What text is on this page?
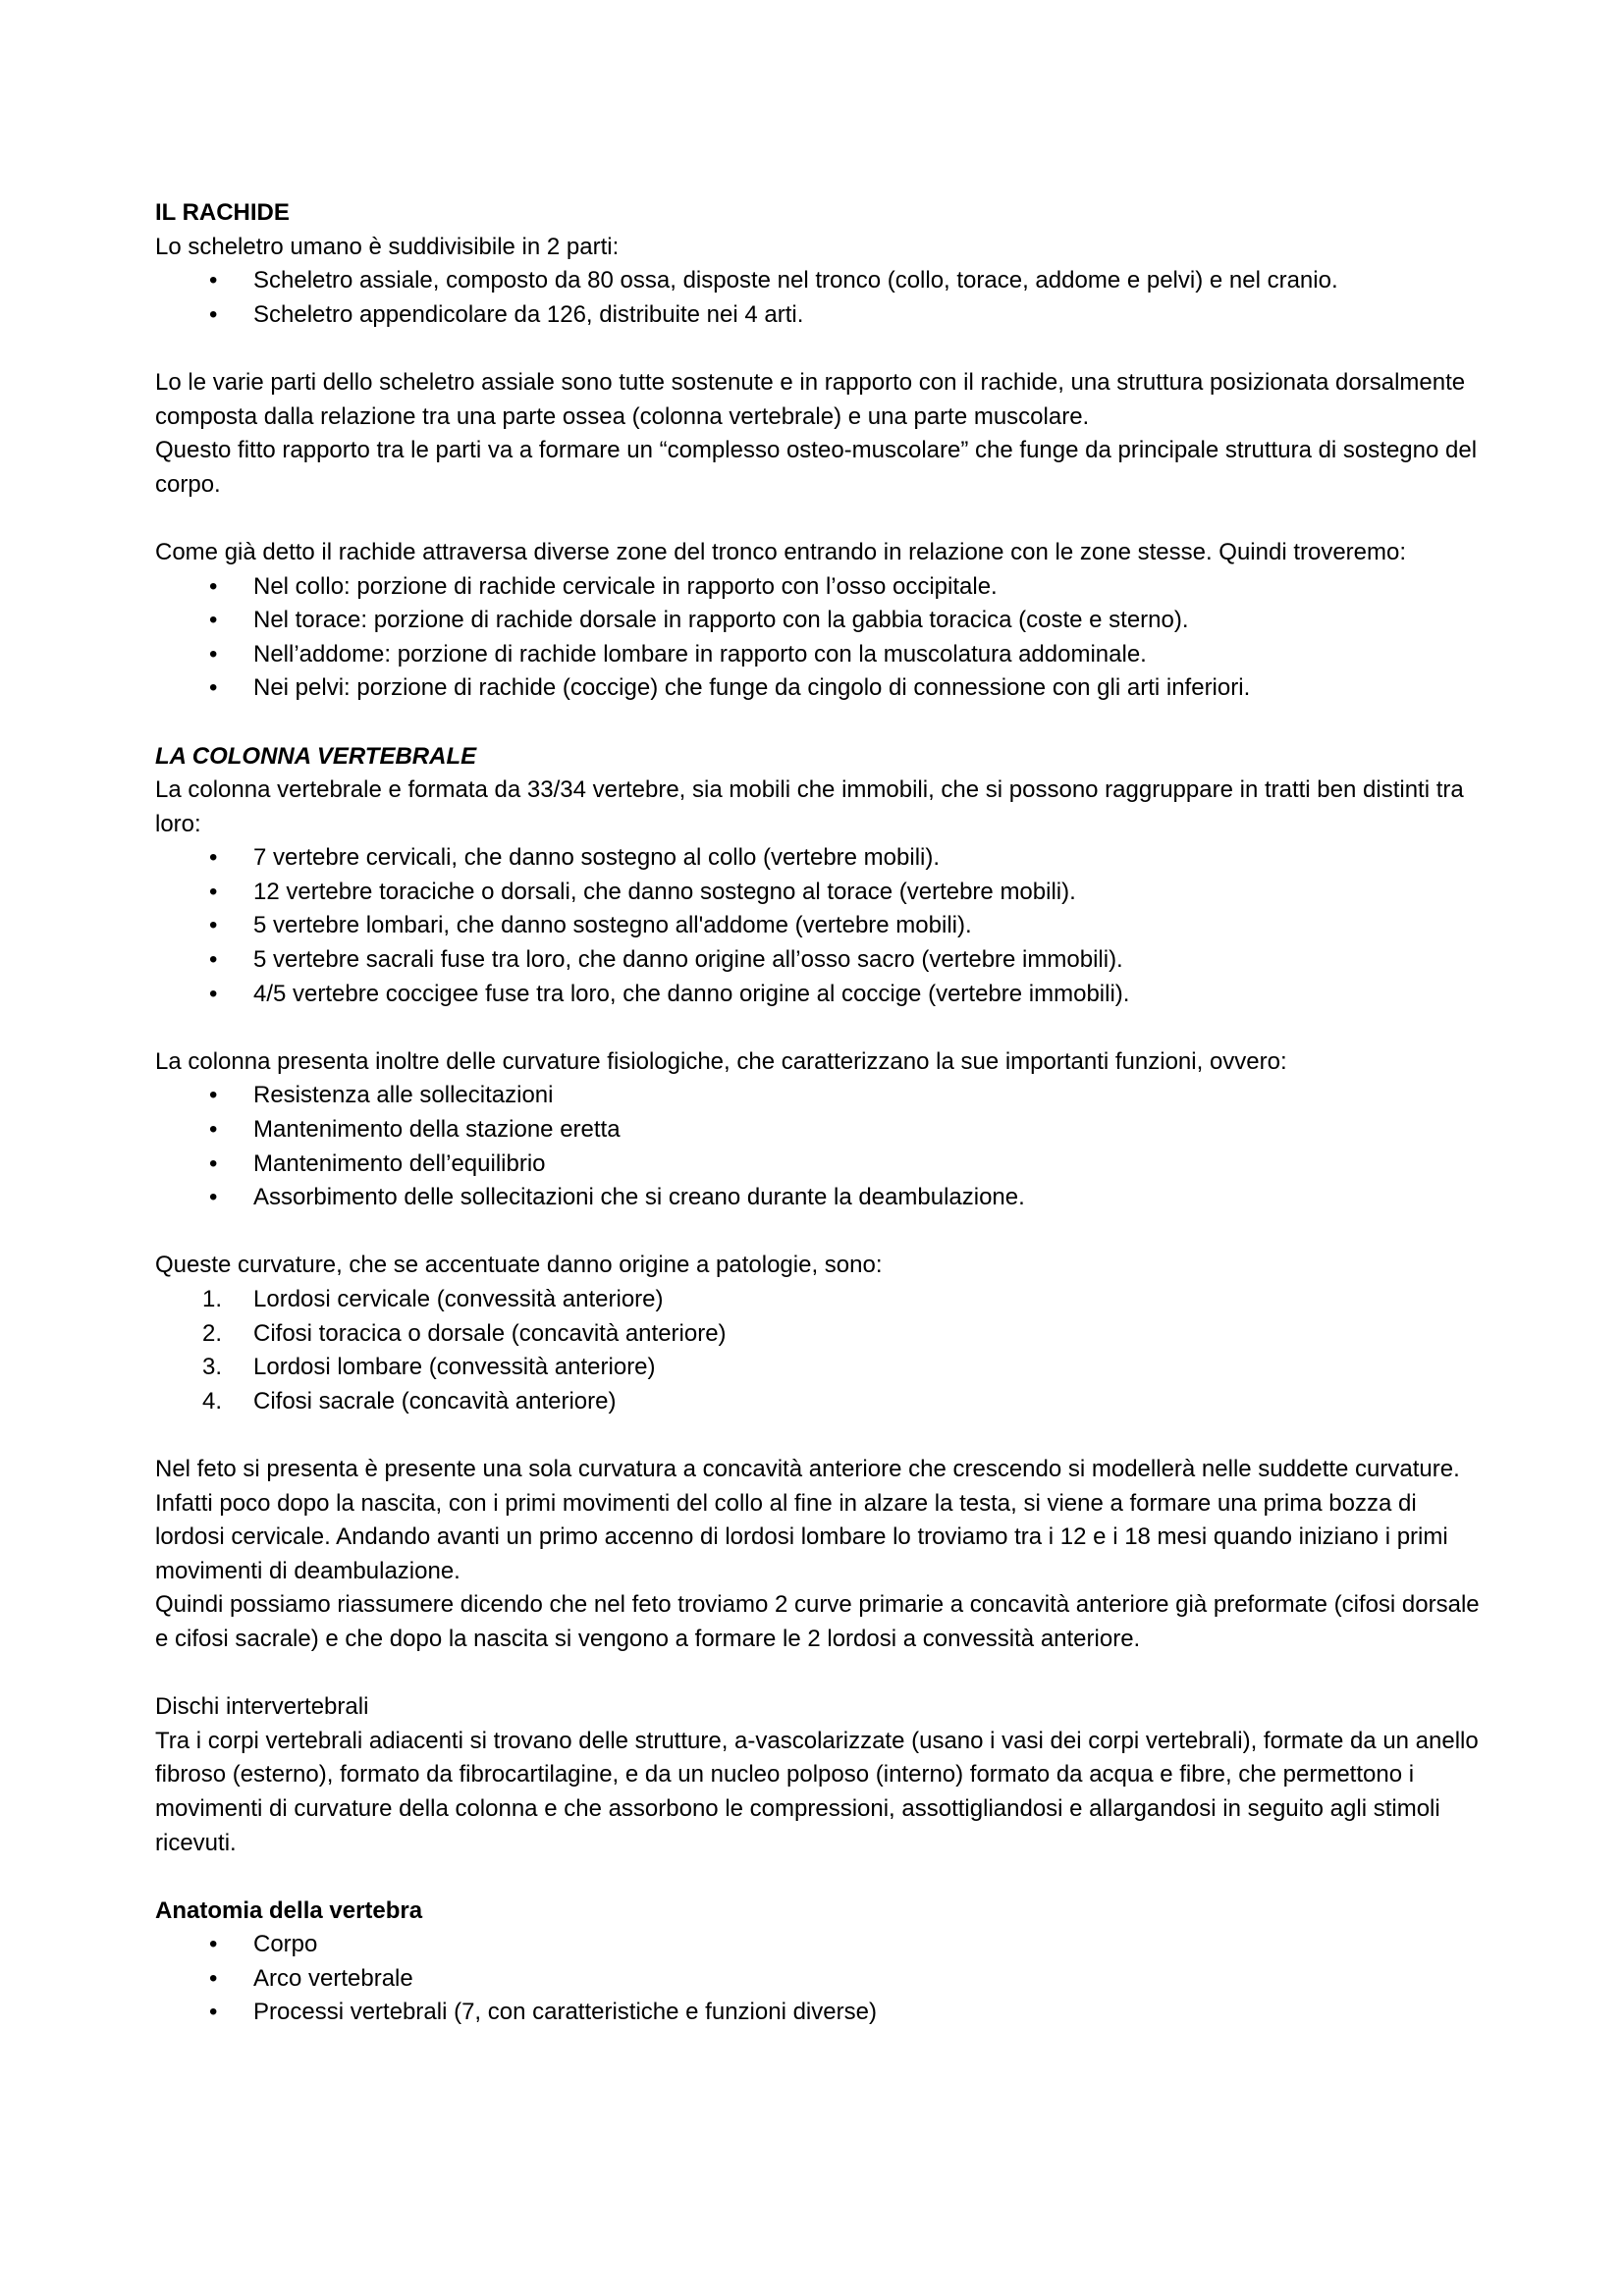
IL RACHIDE

Lo scheletro umano è suddivisibile in 2 parti:

• Scheletro assiale, composto da 80 ossa, disposte nel tronco (collo, torace, addome e pelvi) e nel cranio.
• Scheletro appendicolare da 126, distribuite nei 4 arti.

Lo le varie parti dello scheletro assiale sono tutte sostenute e in rapporto con il rachide, una struttura posizionata dorsalmente composta dalla relazione tra una parte ossea (colonna vertebrale) e una parte muscolare.

Questo fitto rapporto tra le parti va a formare un “complesso osteo-muscolare” che funge da principale struttura di sostegno del corpo.

Come già detto il rachide attraversa diverse zone del tronco entrando in relazione con le zone stesse. Quindi troveremo:

• Nel collo: porzione di rachide cervicale in rapporto con l’osso occipitale.
• Nel torace: porzione di rachide dorsale in rapporto con la gabbia toracica (coste e sterno).
• Nell’addome: porzione di rachide lombare in rapporto con la muscolatura addominale.
• Nei pelvi: porzione di rachide (coccige) che funge da cingolo di connessione con gli arti inferiori.

LA COLONNA VERTEBRALE

La colonna vertebrale e formata da 33/34 vertebre, sia mobili che immobili, che si possono raggruppare in tratti ben distinti tra loro:

• 7 vertebre cervicali, che danno sostegno al collo (vertebre mobili).
• 12 vertebre toraciche o dorsali, che danno sostegno al torace (vertebre mobili).
• 5 vertebre lombari, che danno sostegno all'addome (vertebre mobili).
• 5 vertebre sacrali fuse tra loro, che danno origine all’osso sacro (vertebre immobili).
• 4/5 vertebre coccigee fuse tra loro, che danno origine al coccige (vertebre immobili).

La colonna presenta inoltre delle curvature fisiologiche, che caratterizzano la sue importanti funzioni, ovvero:

• Resistenza alle sollecitazioni
• Mantenimento della stazione eretta
• Mantenimento dell’equilibrio
• Assorbimento delle sollecitazioni che si creano durante la deambulazione.

Queste curvature, che se accentuate danno origine a patologie, sono:

1. Lordosi cervicale (convessità anteriore)
2. Cifosi toracica o dorsale (concavità anteriore)
3. Lordosi lombare (convessità anteriore)
4. Cifosi sacrale (concavità anteriore)

Nel feto si presenta è presente una sola curvatura a concavità anteriore che crescendo si modellerà nelle suddette curvature.

Infatti poco dopo la nascita, con i primi movimenti del collo al fine in alzare la testa, si viene a formare una prima bozza di lordosi cervicale. Andando avanti un primo accenno di lordosi lombare lo troviamo tra i 12 e i 18 mesi quando iniziano i primi movimenti di deambulazione.

Quindi possiamo riassumere dicendo che nel feto troviamo 2 curve primarie a concavità anteriore già preformate (cifosi dorsale e cifosi sacrale) e che dopo la nascita si vengono a formare le 2 lordosi a convessità anteriore.

Dischi intervertebrali

Tra i corpi vertebrali adiacenti si trovano delle strutture, a-vascolarizzate (usano i vasi dei corpi vertebrali), formate da un anello fibroso (esterno), formato da fibrocartilagine, e da un nucleo polposo (interno) formato da acqua e fibre, che permettono i movimenti di curvature della colonna e che assorbono le compressioni, assottigliandosi e allargandosi in seguito agli stimoli ricevuti.

Anatomia della vertebra

• Corpo
• Arco vertebrale
• Processi vertebrali (7, con caratteristiche e funzioni diverse)
